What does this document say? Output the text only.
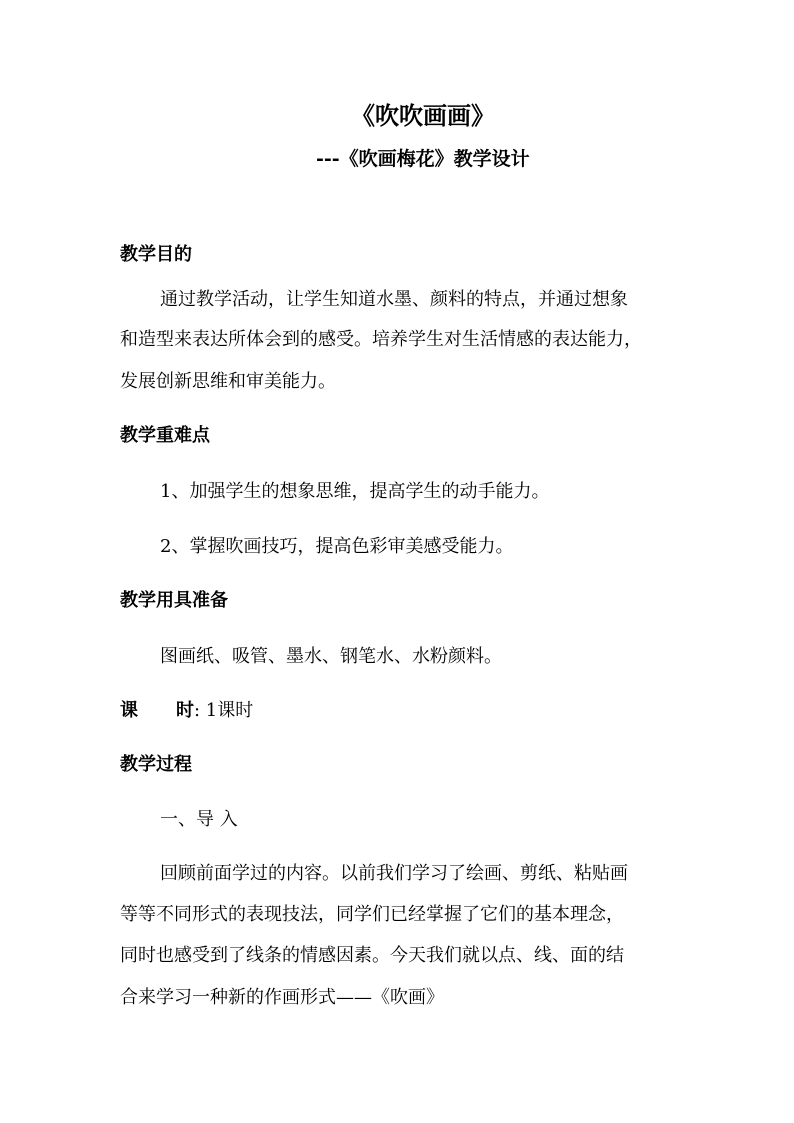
《吹吹画画》
---《吹画梅花》教学设计
教学目的
通过教学活动，让学生知道水墨、颜料的特点，并通过想象
和造型来表达所体会到的感受。培养学生对生活情感的表达能力，
发展创新思维和审美能力。
教学重难点
1、加强学生的想象思维，提高学生的动手能力。
2、掌握吹画技巧，提高色彩审美感受能力。
教学用具准备
图画纸、吸管、墨水、钢笔水、水粉颜料。
课 时: 1课时
教学过程
一、导 入
回顾前面学过的内容。以前我们学习了绘画、剪纸、粘贴画
等等不同形式的表现技法，同学们已经掌握了它们的基本理念，
同时也感受到了线条的情感因素。今天我们就以点、线、面的结
合来学习一种新的作画形式——《吹画》
